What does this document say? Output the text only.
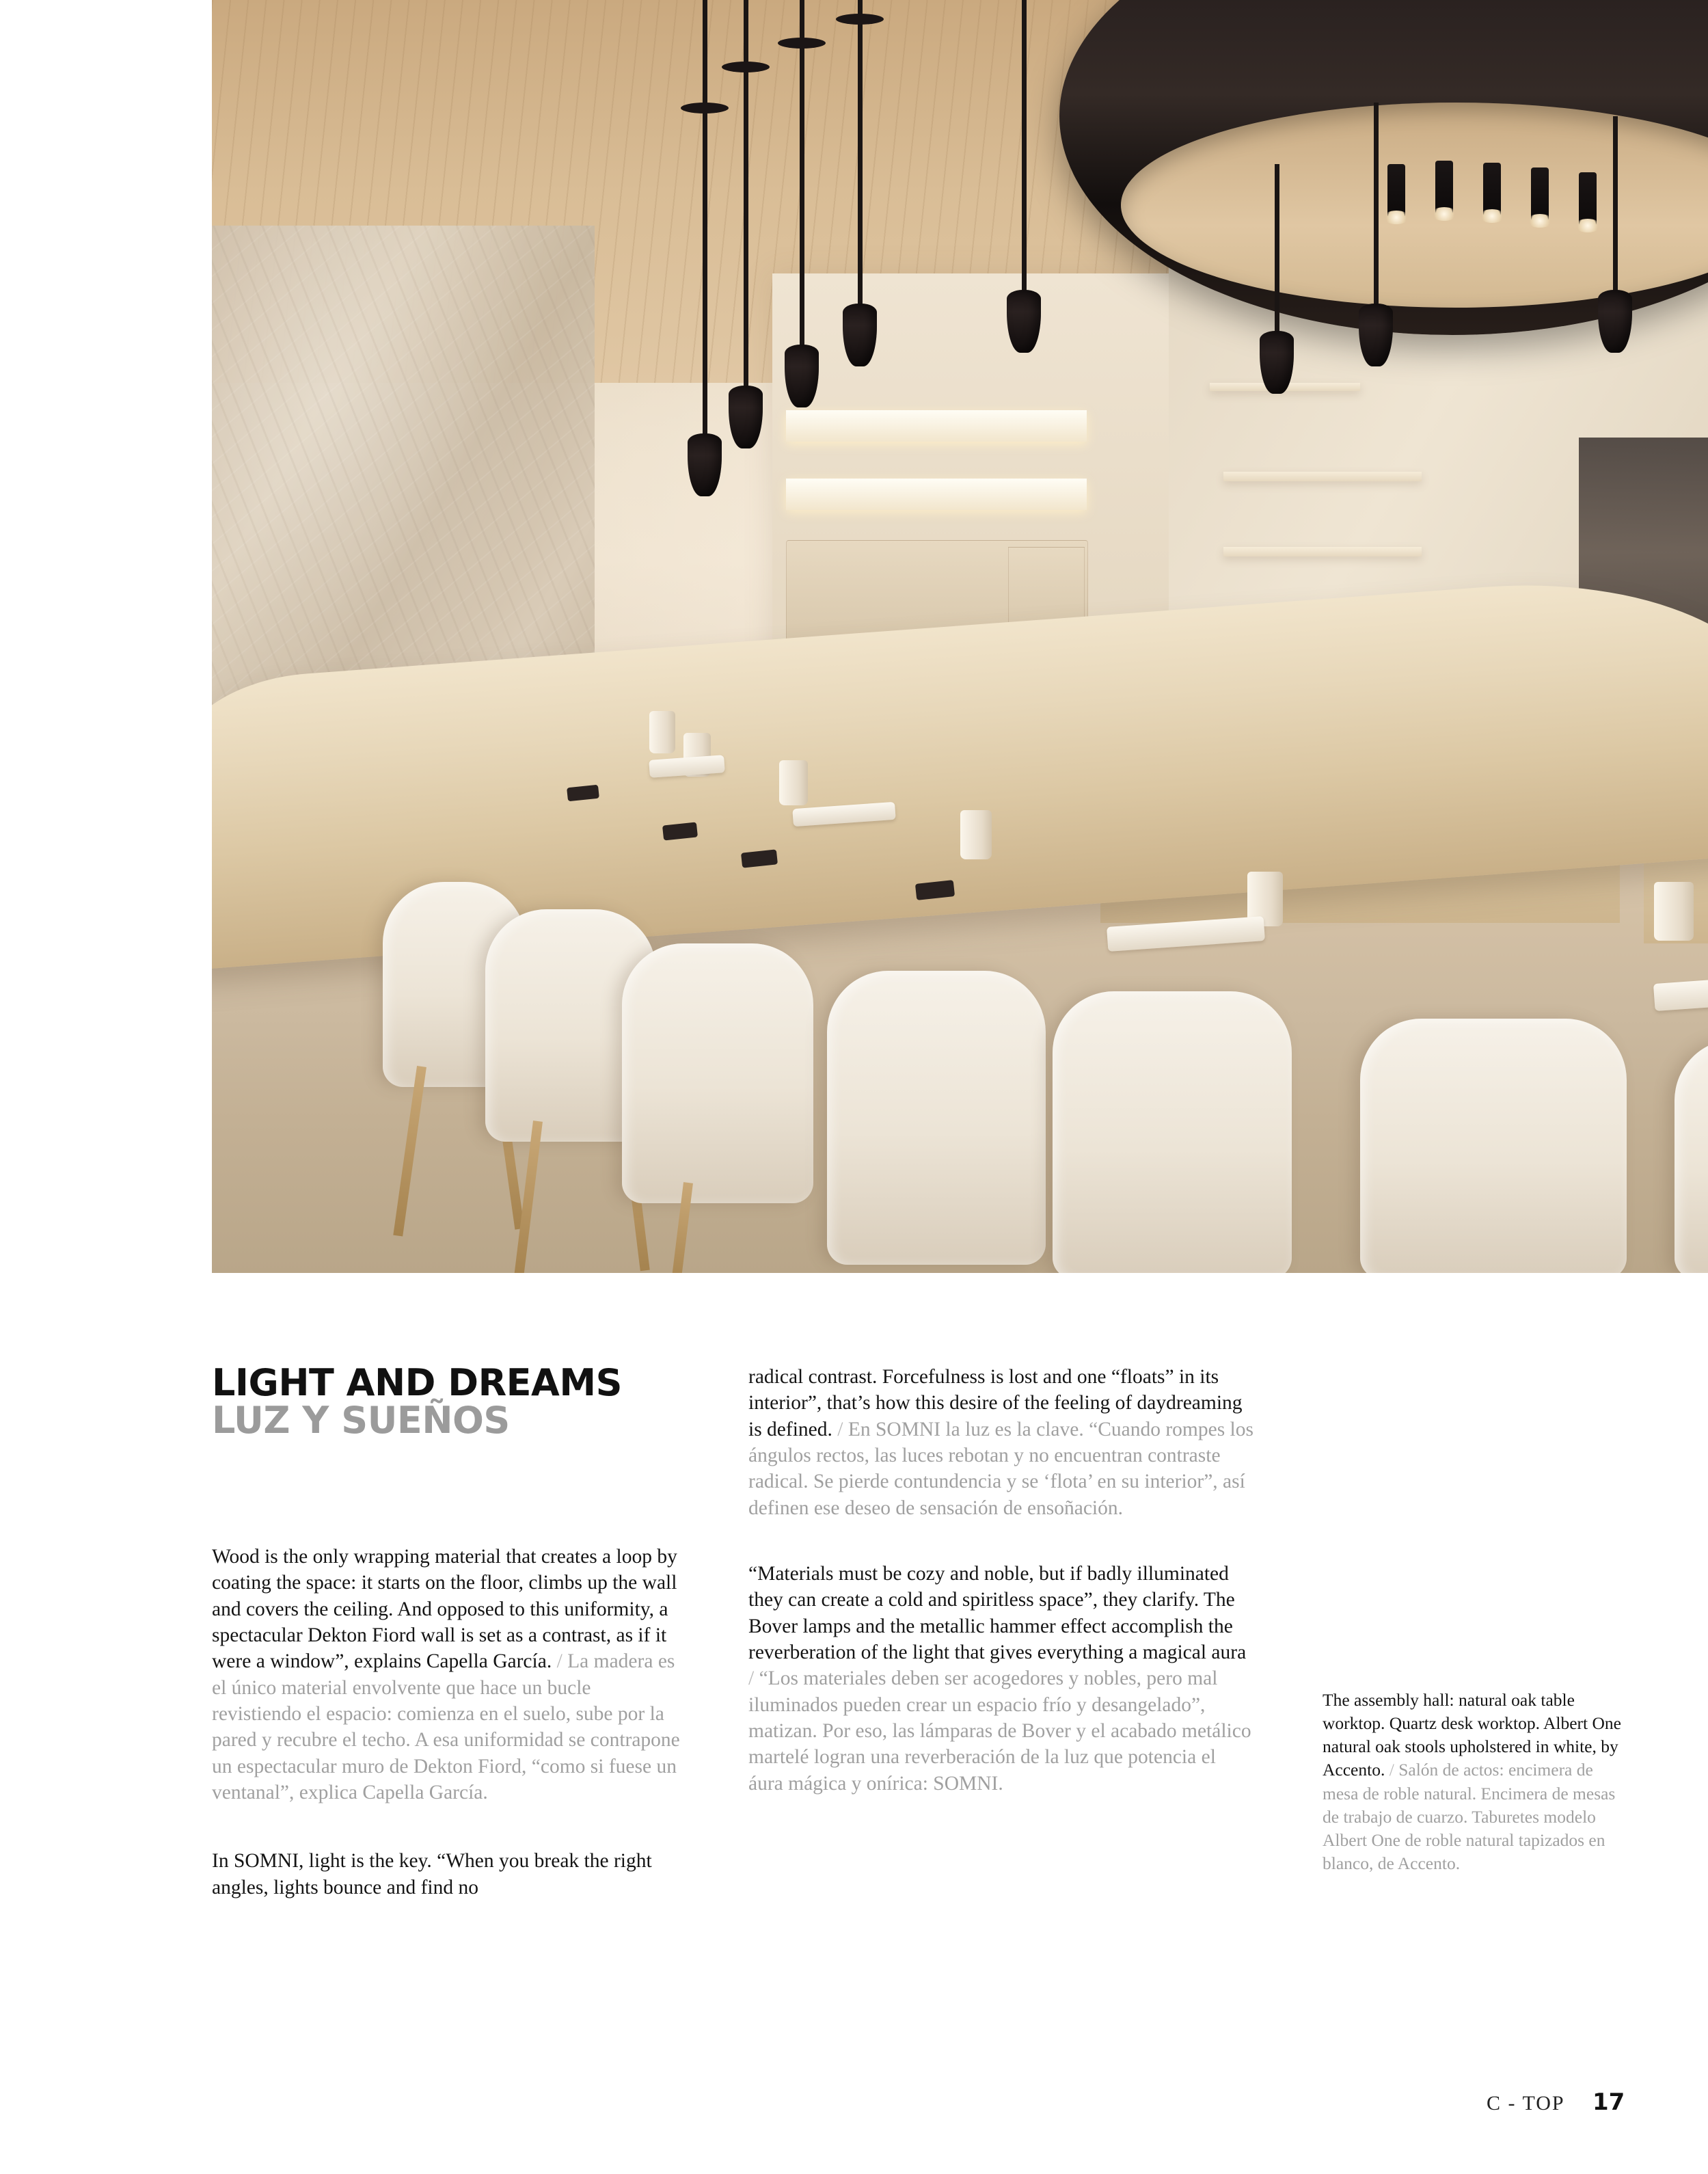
LIGHT AND DREAMS
LUZ Y SUEÑOS

Wood is the only wrapping material that creates a loop by coating the space: it starts on the floor, climbs up the wall and covers the ceiling. And opposed to this uniformity, a spectacular Dekton Fiord wall is set as a contrast, as if it were a window”, explains Capella García. / La madera es el único material envolvente que hace un bucle revistiendo el espacio: comienza en el suelo, sube por la pared y recubre el techo. A esa uniformidad se contrapone un espectacular muro de Dekton Fiord, “como si fuese un ventanal”, explica Capella García.

In SOMNI, light is the key. “When you break the right angles, lights bounce and find no

radical contrast. Forcefulness is lost and one “floats” in its interior”, that’s how this desire of the feeling of daydreaming is defined. / En SOMNI la luz es la clave. “Cuando rompes los ángulos rectos, las luces rebotan y no encuentran contraste radical. Se pierde contundencia y se ‘flota’ en su interior”, así definen ese deseo de sensación de ensoñación.

“Materials must be cozy and noble, but if badly illuminated they can create a cold and spiritless space”, they clarify. The Bover lamps and the metallic hammer effect accomplish the reverberation of the light that gives everything a magical aura / “Los materiales deben ser acogedores y nobles, pero mal iluminados pueden crear un espacio frío y desangelado”, matizan. Por eso, las lámparas de Bover y el acabado metálico martelé logran una reverberación de la luz que potencia el áura mágica y onírica: SOMNI.

The assembly hall: natural oak table worktop. Quartz desk worktop. Albert One natural oak stools upholstered in white, by Accento. / Salón de actos: encimera de mesa de roble natural. Encimera de mesas de trabajo de cuarzo. Taburetes modelo Albert One de roble natural tapizados en blanco, de Accento.

C - TOP 17
